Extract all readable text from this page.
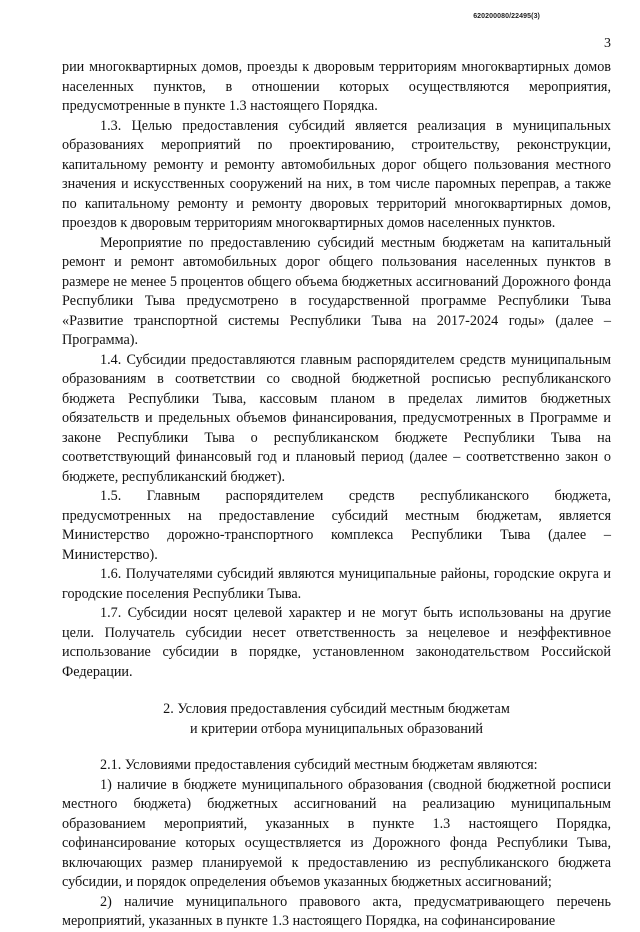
620200080/22495(3)
3

рии многоквартирных домов, проезды к дворовым территориям многоквартирных домов населенных пунктов, в отношении которых осуществляются мероприятия, предусмотренные в пункте 1.3 настоящего Порядка.

1.3. Целью предоставления субсидий является реализация в муниципальных образованиях мероприятий по проектированию, строительству, реконструкции, капитальному ремонту и ремонту автомобильных дорог общего пользования местного значения и искусственных сооружений на них, в том числе паромных переправ, а также по капитальному ремонту и ремонту дворовых территорий многоквартирных домов, проездов к дворовым территориям многоквартирных домов населенных пунктов.

Мероприятие по предоставлению субсидий местным бюджетам на капитальный ремонт и ремонт автомобильных дорог общего пользования населенных пунктов в размере не менее 5 процентов общего объема бюджетных ассигнований Дорожного фонда Республики Тыва предусмотрено в государственной программе Республики Тыва «Развитие транспортной системы Республики Тыва на 2017-2024 годы» (далее – Программа).

1.4. Субсидии предоставляются главным распорядителем средств муниципальным образованиям в соответствии со сводной бюджетной росписью республиканского бюджета Республики Тыва, кассовым планом в пределах лимитов бюджетных обязательств и предельных объемов финансирования, предусмотренных в Программе и законе Республики Тыва о республиканском бюджете Республики Тыва на соответствующий финансовый год и плановый период (далее – соответственно закон о бюджете, республиканский бюджет).

1.5. Главным распорядителем средств республиканского бюджета, предусмотренных на предоставление субсидий местным бюджетам, является Министерство дорожно-транспортного комплекса Республики Тыва (далее – Министерство).

1.6. Получателями субсидий являются муниципальные районы, городские округа и городские поселения Республики Тыва.

1.7. Субсидии носят целевой характер и не могут быть использованы на другие цели. Получатель субсидии несет ответственность за нецелевое и неэффективное использование субсидии в порядке, установленном законодательством Российской Федерации.

2. Условия предоставления субсидий местным бюджетам
и критерии отбора муниципальных образований

2.1. Условиями предоставления субсидий местным бюджетам являются:

1) наличие в бюджете муниципального образования (сводной бюджетной росписи местного бюджета) бюджетных ассигнований на реализацию муниципальным образованием мероприятий, указанных в пункте 1.3 настоящего Порядка, софинансирование которых осуществляется из Дорожного фонда Республики Тыва, включающих размер планируемой к предоставлению из республиканского бюджета субсидии, и порядок определения объемов указанных бюджетных ассигнований;

2) наличие муниципального правового акта, предусматривающего перечень мероприятий, указанных в пункте 1.3 настоящего Порядка, на софинансирование
